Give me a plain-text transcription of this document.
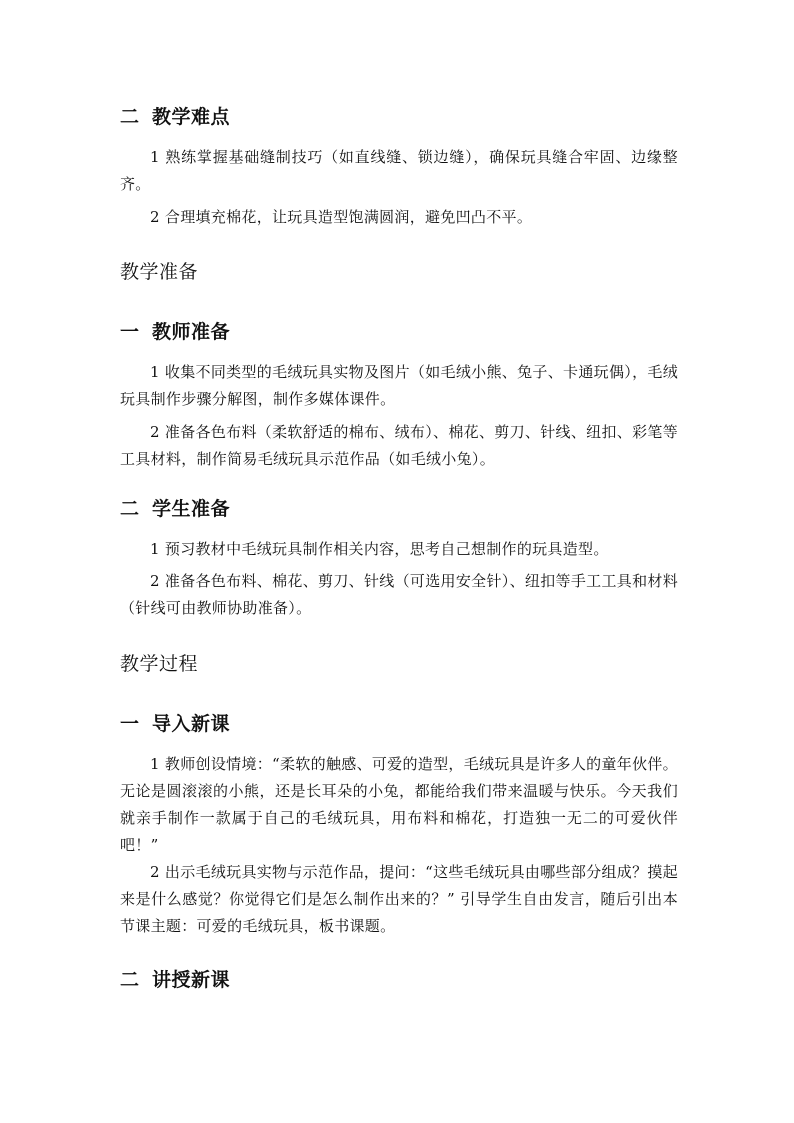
二 教学难点

1 熟练掌握基础缝制技巧（如直线缝、锁边缝），确保玩具缝合牢固、边缘整齐。

2 合理填充棉花，让玩具造型饱满圆润，避免凹凸不平。

教学准备
一 教师准备

1 收集不同类型的毛绒玩具实物及图片（如毛绒小熊、兔子、卡通玩偶），毛绒玩具制作步骤分解图，制作多媒体课件。

2 准备各色布料（柔软舒适的棉布、绒布）、棉花、剪刀、针线、纽扣、彩笔等工具材料，制作简易毛绒玩具示范作品（如毛绒小兔）。

二 学生准备

1 预习教材中毛绒玩具制作相关内容，思考自己想制作的玩具造型。

2 准备各色布料、棉花、剪刀、针线（可选用安全针）、纽扣等手工工具和材料（针线可由教师协助准备）。

教学过程
一 导入新课

1 教师创设情境：“柔软的触感、可爱的造型，毛绒玩具是许多人的童年伙伴。无论是圆滚滚的小熊，还是长耳朵的小兔，都能给我们带来温暖与快乐。今天我们就亲手制作一款属于自己的毛绒玩具，用布料和棉花，打造独一无二的可爱伙伴吧！”

2 出示毛绒玩具实物与示范作品，提问：“这些毛绒玩具由哪些部分组成？摸起来是什么感觉？你觉得它们是怎么制作出来的？” 引导学生自由发言，随后引出本节课主题：可爱的毛绒玩具，板书课题。

二 讲授新课
